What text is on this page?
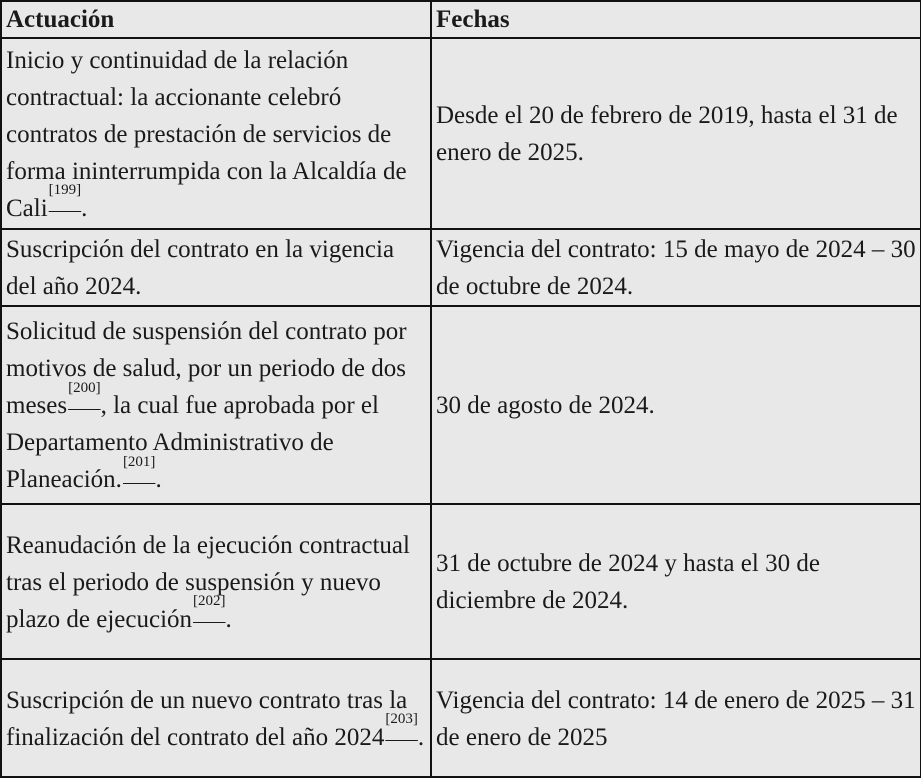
Actuación	Fechas
Inicio y continuidad de la relación contractual: la accionante celebró contratos de prestación de servicios de forma ininterrumpida con la Alcaldía de Cali[199].	Desde el 20 de febrero de 2019, hasta el 31 de enero de 2025.
Suscripción del contrato en la vigencia del año 2024.	Vigencia del contrato: 15 de mayo de 2024 – 30 de octubre de 2024.
Solicitud de suspensión del contrato por motivos de salud, por un periodo de dos meses[200], la cual fue aprobada por el Departamento Administrativo de Planeación.[201].	30 de agosto de 2024.
Reanudación de la ejecución contractual tras el periodo de suspensión y nuevo plazo de ejecución[202].	31 de octubre de 2024 y hasta el 30 de diciembre de 2024.
Suscripción de un nuevo contrato tras la finalización del contrato del año 2024[203].	Vigencia del contrato: 14 de enero de 2025 – 31 de enero de 2025
